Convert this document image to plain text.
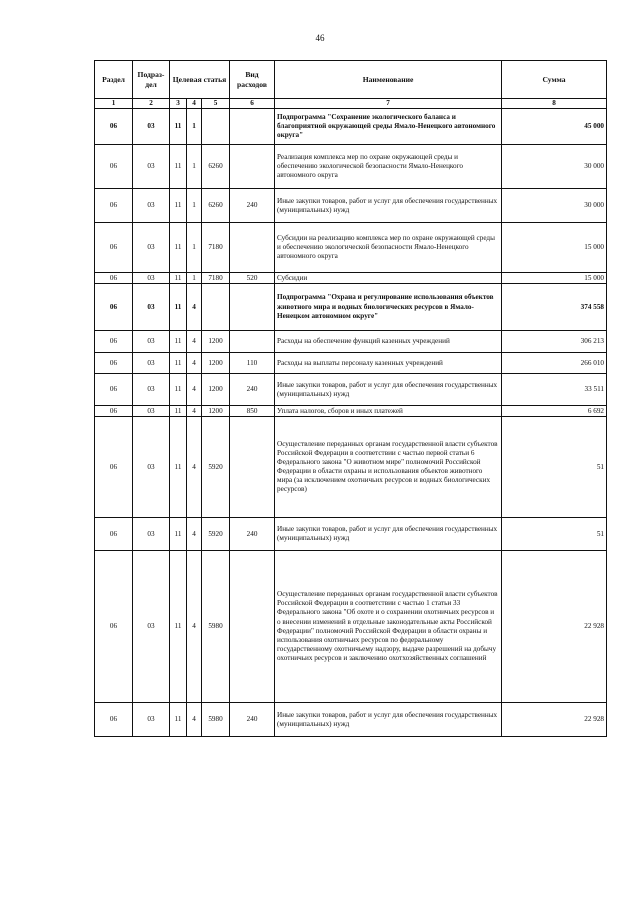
46
Раздел	Подраз-дел	Целевая статья			Вид расходов	Наименование	Сумма
1	2	3	4	5	6	7	8
06	03	11	1			Подпрограмма "Сохранение экологического баланса и благоприятной окружающей среды Ямало-Ненецкого автономного округа"	45 000
06	03	11	1	6260		Реализация комплекса мер по охране окружающей среды и обеспечению экологической безопасности Ямало-Ненецкого автономного округа	30 000
06	03	11	1	6260	240	Иные закупки товаров, работ и услуг для обеспечения государственных (муниципальных) нужд	30 000
06	03	11	1	7180		Субсидии на реализацию комплекса мер по охране окружающей среды и обеспечению экологической безопасности Ямало-Ненецкого автономного округа	15 000
06	03	11	1	7180	520	Субсидии	15 000
06	03	11	4			Подпрограмма "Охрана и регулирование использования объектов животного мира и водных биологических ресурсов в Ямало-Ненецком автономном округе"	374 558
06	03	11	4	1200		Расходы на обеспечение функций казенных учреждений	306 213
06	03	11	4	1200	110	Расходы на выплаты персоналу казенных учреждений	266 010
06	03	11	4	1200	240	Иные закупки товаров, работ и услуг для обеспечения государственных (муниципальных) нужд	33 511
06	03	11	4	1200	850	Уплата налогов, сборов и иных платежей	6 692
06	03	11	4	5920		Осуществление переданных органам государственной власти субъектов Российской Федерации в соответствии с частью первой статьи 6 Федерального закона "О животном мире" полномочий Российской Федерации в области охраны и использования объектов животного мира (за исключением охотничьих ресурсов и водных биологических ресурсов)	51
06	03	11	4	5920	240	Иные закупки товаров, работ и услуг для обеспечения государственных (муниципальных) нужд	51
06	03	11	4	5980		Осуществление переданных органам государственной власти субъектов Российской Федерации в соответствии с частью 1 статьи 33 Федерального закона "Об охоте и о сохранении охотничьих ресурсов и о внесении изменений в отдельные законодательные акты Российской Федерации" полномочий Российской Федерации в области охраны и использования охотничьих ресурсов по федеральному государственному охотничьему надзору, выдаче разрешений на добычу охотничьих ресурсов и заключению охотхозяйственных соглашений	22 928
06	03	11	4	5980	240	Иные закупки товаров, работ и услуг для обеспечения государственных (муниципальных) нужд	22 928
